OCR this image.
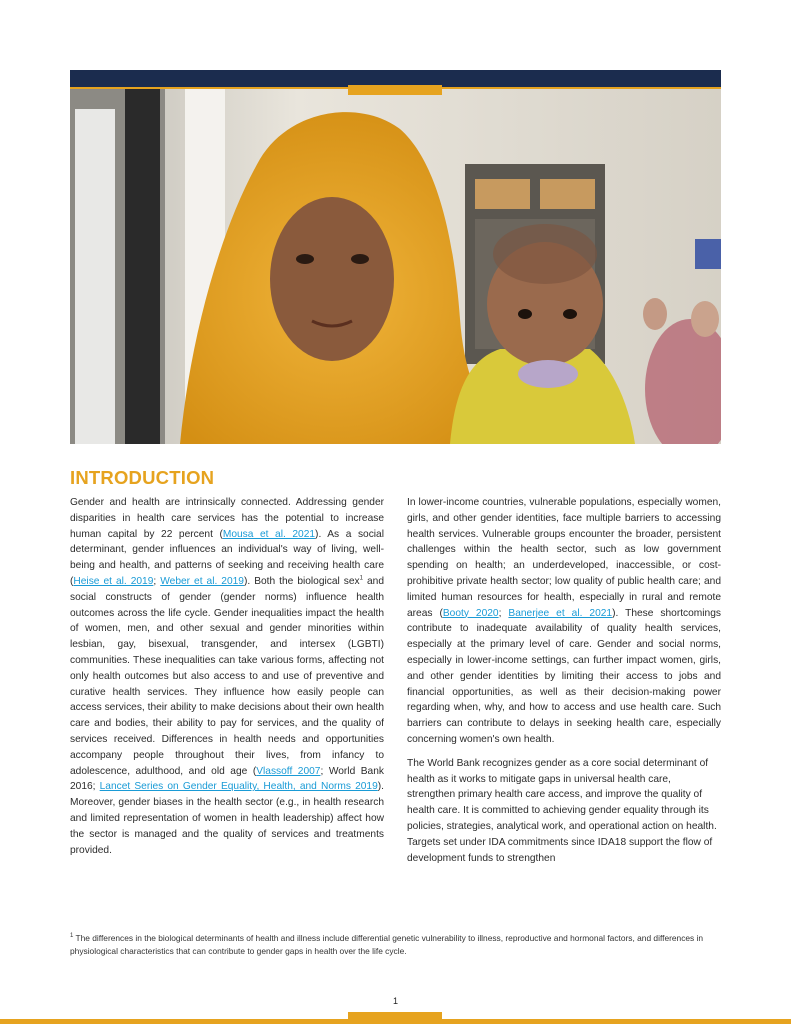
INTRODUCTION

Gender and health are intrinsically connected. Addressing gender disparities in health care services has the potential to increase human capital by 22 percent (Mousa et al. 2021). As a social determinant, gender influences an individual's way of living, well-being and health, and patterns of seeking and receiving health care (Heise et al. 2019; Weber et al. 2019). Both the biological sex$^1$ and social constructs of gender (gender norms) influence health outcomes across the life cycle. Gender inequalities impact the health of women, men, and other sexual and gender minorities within lesbian, gay, bisexual, transgender, and intersex (LGBTI) communities. These inequalities can take various forms, affecting not only health outcomes but also access to and use of preventive and curative health services. They influence how easily people can access services, their ability to make decisions about their own health care and bodies, their ability to pay for services, and the quality of services received. Differences in health needs and opportunities accompany people throughout their lives, from infancy to adolescence, adulthood, and old age (Vlassoff 2007; World Bank 2016; Lancet Series on Gender Equality, Health, and Norms 2019). Moreover, gender biases in the health sector (e.g., in health research and limited representation of women in health leadership) affect how the sector is managed and the quality of services and treatments provided.

In lower-income countries, vulnerable populations, especially women, girls, and other gender identities, face multiple barriers to accessing health services. Vulnerable groups encounter the broader, persistent challenges within the health sector, such as low government spending on health; an underdeveloped, inaccessible, or cost-prohibitive private health sector; low quality of public health care; and limited human resources for health, especially in rural and remote areas (Booty 2020; Banerjee et al. 2021). These shortcomings contribute to inadequate availability of quality health services, especially at the primary level of care. Gender and social norms, especially in lower-income settings, can further impact women, girls, and other gender identities by limiting their access to jobs and financial opportunities, as well as their decision-making power regarding when, why, and how to access and use health care. Such barriers can contribute to delays in seeking health care, especially concerning women's own health.

The World Bank recognizes gender as a core social determinant of health as it works to mitigate gaps in universal health care, strengthen primary health care access, and improve the quality of health care. It is committed to achieving gender equality through its policies, strategies, analytical work, and operational action on health. Targets set under IDA commitments since IDA18 support the flow of development funds to strengthen

$^1$ The differences in the biological determinants of health and illness include differential genetic vulnerability to illness, reproductive and hormonal factors, and differences in physiological characteristics that can contribute to gender gaps in health over the life cycle.
1
